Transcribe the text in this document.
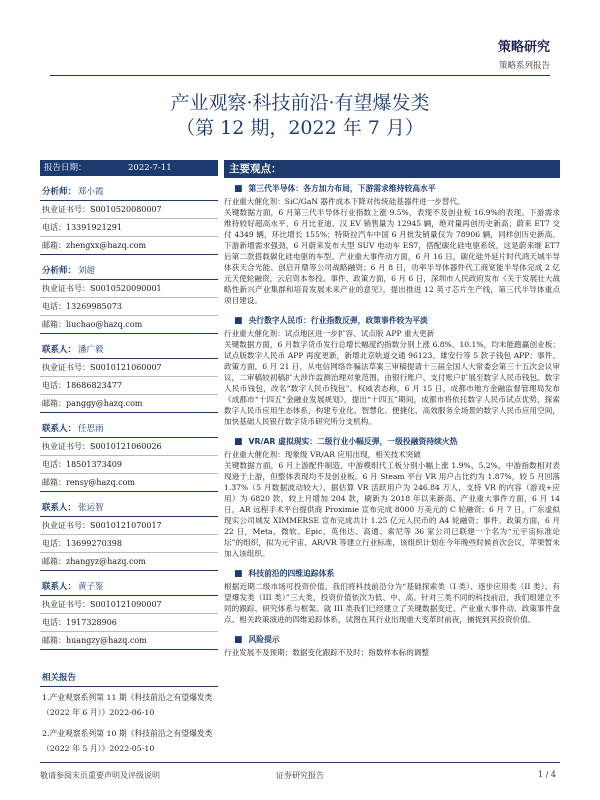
策略研究
策略系列报告
产业观察·科技前沿·有望爆发类
（第 12 期，2022 年 7 月）
报告日期：	2022-7-11
分析师： 郑小霞
执业证书号：S0010520080007
电话：13391921291
邮箱：zhengxx@hazq.com
分析师： 刘超
执业证书号：S0010520090001
电话：13269985073
邮箱：liuchao@hazq.com
联系人： 潘广毅
执业证书号：S0010121060007
电话：18686823477
邮箱：panggy@hazq.com
联系人： 任思雨
执业证书号：S0010121060026
电话：18501373409
邮箱：rensy@hazq.com
联系人： 张运智
执业证书号：S0010121070017
电话：13699270398
邮箱：zhangyz@hazq.com
联系人： 黄子鉴
执业证书号：S0010121090007
电话：1917328906
邮箱：huangzy@hazq.com
相关报告
1.产业观察系列第 11 期《科技前沿之有望爆发类（2022 年 6 月）》2022-06-10
2.产业观察系列第 10 期《科技前沿之有望爆发类（2022 年 5 月）》2022-05-10
主要观点：
■ 第三代半导体：各方加力布局，下游需求维持较高水平
行业重大催化剂：SiC/GaN 器件成本下降对传统硅基器件进一步替代。
关键数据方面，6 月第三代半导体行业指数上涨 9.5%，表现不及创业板 16.9%的表现。下游需求维持较好超高水平，6 月比亚迪、汉 EV 销售量为 12945 辆，绝对量再创历史新高；蔚来 ET7 交付 4349 辆，环比增长 155%；特斯拉汽车中国 6 月批发销量仅为 78906 辆，同样创历史新高。下游新增需求强劲，6 月蔚来发布大型 SUV 电动车 ES7，搭配碳化硅电驱系统，这是蔚来继 ET7 后第二款搭载碳化硅电驱的车型。产业重大事件动方面，6 月 16 日，碳化硅外延片时代鸿天城半导体获天合光能、创启开鼎等公司战略融资；6 月 8 日，功率半导体器件代工商宽能半导体完成 2 亿元天使轮融资，云启资本参投。事件、政策方面，6 月 6 日，深圳市人民政府发布《关于发展壮大战略性新兴产业集群和培育发展未来产业的意见》，提出推进 12 英寸芯片生产线，第三代半导体重点项目建设。
■ 央行数字人民币：行业指数反弹，政策事件较为平淡
行业重大催化剂：试点地区进一步扩容、试点版 APP 重大更新
关键数据方面，6 月数字货币发行总增长幅度约指数分别上涨 6.8%、10.1%，均未能跑赢创业板；试点版数字人民币 APP 再度更新，新增北京轨道交通 96123、雄安行等 5 款子钱包 APP；事件、政策方面，6 月 21 日，从电信网络诈骗法草案三审稿提请十三届全国人大常委会第三十五次会议审议，二审稿较初稿扩大涉诈监测治理对象范围，由银行账户、支付账户扩展至数字人民币钱包、数字人民币钱包，改名“数字人民币钱包”。权威表态称，6 月 15 日，成都市地方金融监督管理局发布《成都市“十四五”金融业发展规划》，提出“十四五”期间，成都市将依托数字人民币试点优势，探索数字人民币应用生态体系，构建专业化、智慧化、便捷化、高效服务全场景的数字人民币应用空间，加快基础人民银行数字货币研究所分支机构。
■ VR/AR 虚拟现实：二级行业小幅反弹，一级投融资持续火热
行业重大催化剂：现象级 VR/AR 应用出现，相关技术突破
关键数据方面，6 月上游配件制造、中游模组代工板分别小幅上涨 1.9%、5.2%，中游指数相对表现逊于上游，但整体表现均不及创业板。6 月 Steam 平台 VR 用户占比约为 1.87%，较 5 月回落 1.37%（5 月数据波动较大），据估算 VR 活跃用户为 246.84 万人，支持 VR 的内容（游戏+应用）为 6820 款，较上月增加 204 款，刷新为 2018 年以来新高。产业重大事件方面，6 月 14 日，AR 远程手术平台提供商 Proximie 宣布完成 8000 万美元的 C 轮融资；6 月 7 日，广东虚拟现实公司城发 XIMMERSE 宣布完成共计 1.25 亿元人民币的 A4 轮融资；事件、政策方面，6 月 22 日，Meta、微软、Epic、英伟达、高通、索尼等 36 家公司已联建一个名为“元宇宙标准论坛”的组织，拟为元宇宙、AR/VR 等建立行业标准，该组织计划在今年晚些时候首次会议，苹果暂未加入该组织。
■ 科技前沿的四维追踪体系
根据近期二级市场可投资价值，我们将科技前沿分为“基础探索类（I 类）、逐步应用类（II 类）、有望爆发类（III 类）”三大类，投资价值依次为低、中、高。针对三类不同的科技前沿，我们组建立不同的跟踪、研究体系与框架。就 III 类我们已经建立了关键数据变迁、产业重大事件动、政策事件盘点、相关政策演进的四维追踪体系，试图在其行业出现重大变革时前夜，捕捉到其投资价值。
■ 风险提示
行业发展不及预期；数据变化跟踪不及时；指数样本标的调整
敬请参阅末页重要声明及评级说明	证券研究报告	1 / 4
